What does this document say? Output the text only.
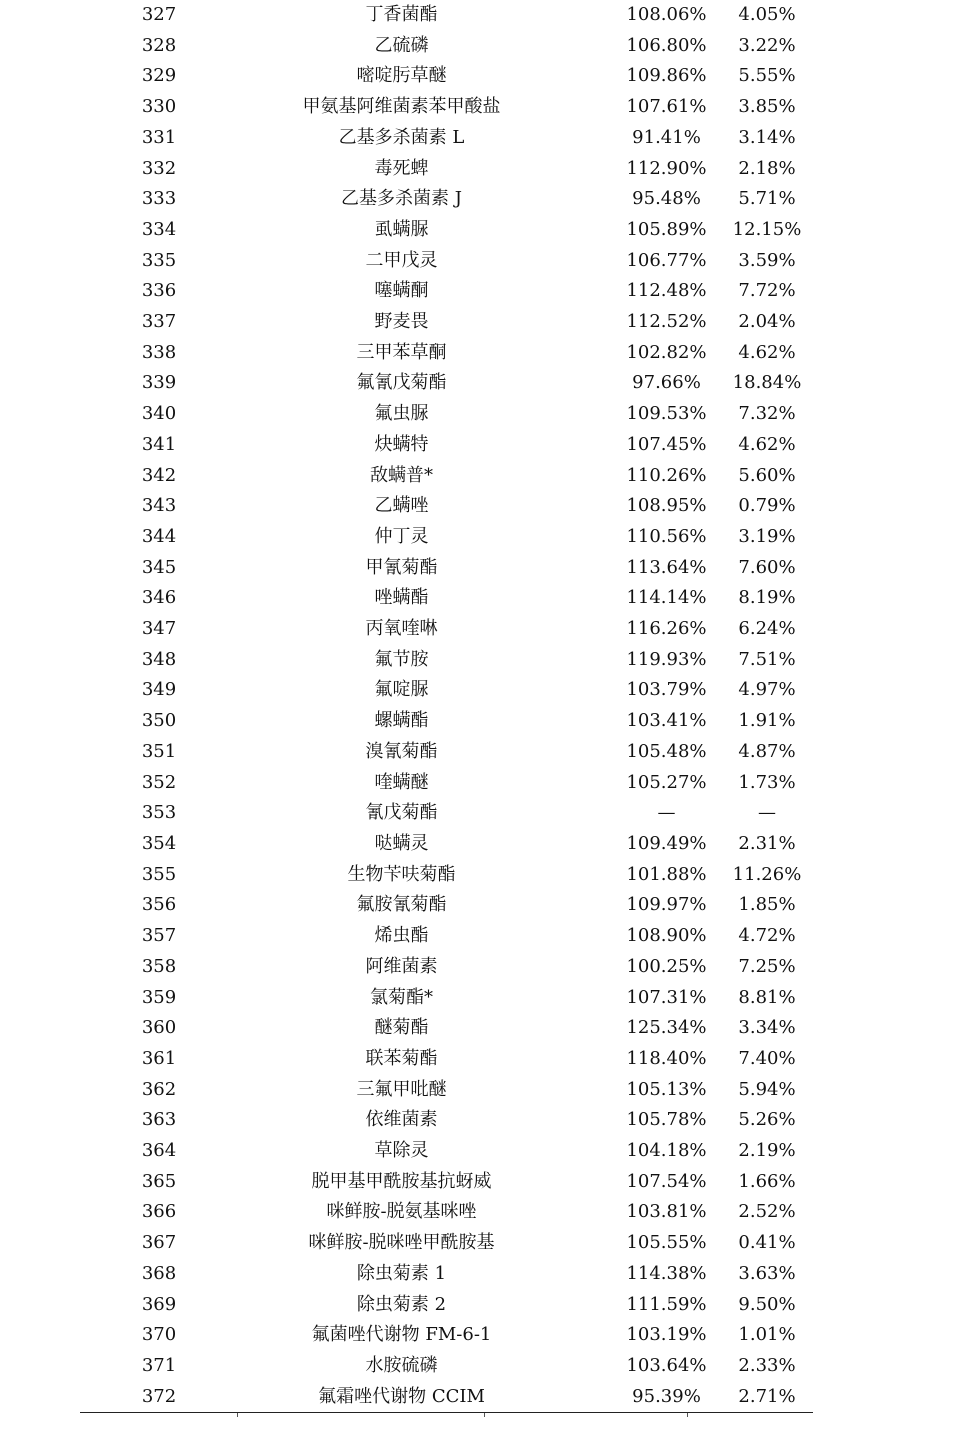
327	丁香菌酯	108.06%	4.05%

328	乙硫磷	106.80%	3.22%

329	嘧啶肟草醚	109.86%	5.55%

330	甲氨基阿维菌素苯甲酸盐	107.61%	3.85%

331	乙基多杀菌素 L	91.41%	3.14%

332	毒死蜱	112.90%	2.18%

333	乙基多杀菌素 J	95.48%	5.71%

334	虱螨脲	105.89%	12.15%

335	二甲戊灵	106.77%	3.59%

336	噻螨酮	112.48%	7.72%

337	野麦畏	112.52%	2.04%

338	三甲苯草酮	102.82%	4.62%

339	氟氰戊菊酯	97.66%	18.84%

340	氟虫脲	109.53%	7.32%

341	炔螨特	107.45%	4.62%

342	敌螨普*	110.26%	5.60%

343	乙螨唑	108.95%	0.79%

344	仲丁灵	110.56%	3.19%

345	甲氰菊酯	113.64%	7.60%

346	唑螨酯	114.14%	8.19%

347	丙氧喹啉	116.26%	6.24%

348	氟节胺	119.93%	7.51%

349	氟啶脲	103.79%	4.97%

350	螺螨酯	103.41%	1.91%

351	溴氰菊酯	105.48%	4.87%

352	喹螨醚	105.27%	1.73%

353	氰戊菊酯	—	—

354	哒螨灵	109.49%	2.31%

355	生物苄呋菊酯	101.88%	11.26%

356	氟胺氰菊酯	109.97%	1.85%

357	烯虫酯	108.90%	4.72%

358	阿维菌素	100.25%	7.25%

359	氯菊酯*	107.31%	8.81%

360	醚菊酯	125.34%	3.34%

361	联苯菊酯	118.40%	7.40%

362	三氟甲吡醚	105.13%	5.94%

363	依维菌素	105.78%	5.26%

364	草除灵	104.18%	2.19%

365	脱甲基甲酰胺基抗蚜威	107.54%	1.66%

366	咪鲜胺-脱氨基咪唑	103.81%	2.52%

367	咪鲜胺-脱咪唑甲酰胺基	105.55%	0.41%

368	除虫菊素 1	114.38%	3.63%

369	除虫菊素 2	111.59%	9.50%

370	氟菌唑代谢物 FM-6-1	103.19%	1.01%

371	水胺硫磷	103.64%	2.33%

372	氟霜唑代谢物 CCIM	95.39%	2.71%
